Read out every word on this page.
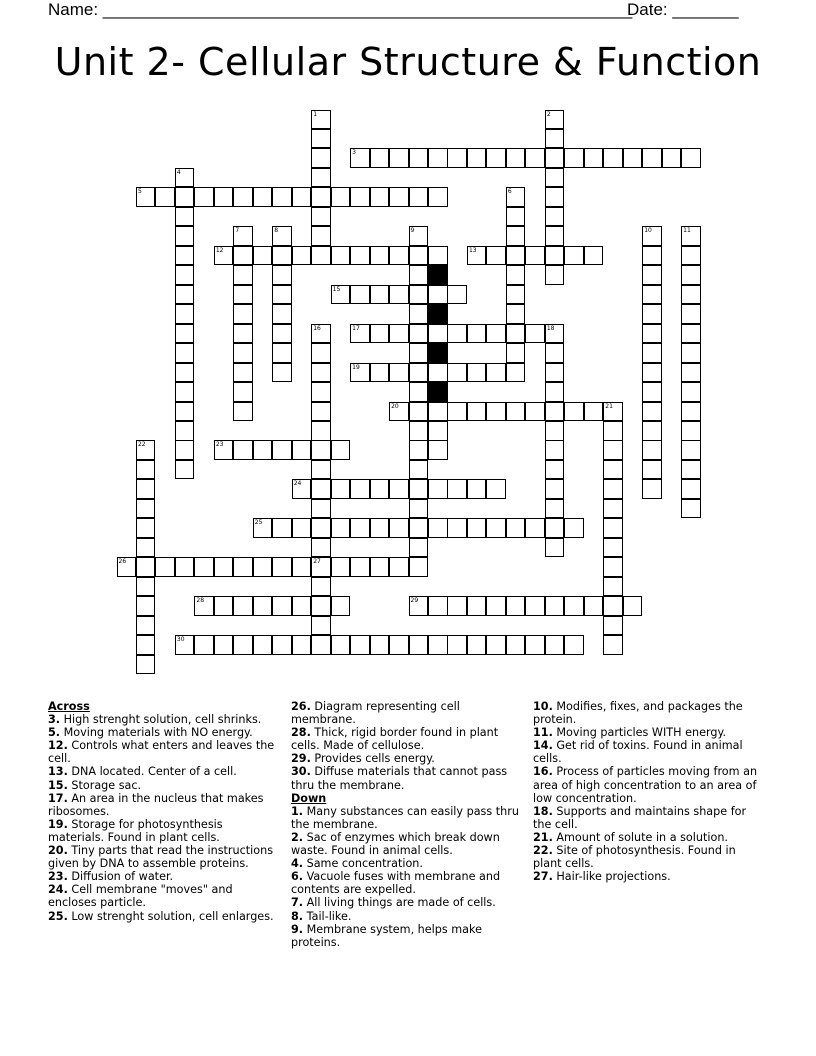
Name: ________________________________________________________
Date: _______
Unit 2- Cellular Structure & Function
1	2
3
4
5	6
7	8	9	10	11
12	13
14
15
16
27
17	18
19
20	21
22	23
24
25
26
28	29
30
Across
3. High strenght solution, cell shrinks.
5. Moving materials with NO energy.
12. Controls what enters and leaves the cell.
13. DNA located. Center of a cell.
15. Storage sac.
17. An area in the nucleus that makes ribosomes.
19. Storage for photosynthesis materials. Found in plant cells.
20. Tiny parts that read the instructions given by DNA to assemble proteins.
23. Diffusion of water.
24. Cell membrane "moves" and encloses particle.
25. Low strenght solution, cell enlarges.
26. Diagram representing cell membrane.
28. Thick, rigid border found in plant cells. Made of cellulose.
29. Provides cells energy.
30. Diffuse materials that cannot pass thru the membrane.
Down
1. Many substances can easily pass thru the membrane.
2. Sac of enzymes which break down waste. Found in animal cells.
4. Same concentration.
6. Vacuole fuses with membrane and contents are expelled.
7. All living things are made of cells.
8. Tail-like.
9. Membrane system, helps make proteins.
10. Modifies, fixes, and packages the protein.
11. Moving particles WITH energy.
14. Get rid of toxins. Found in animal cells.
16. Process of particles moving from an area of high concentration to an area of low concentration.
18. Supports and maintains shape for the cell.
21. Amount of solute in a solution.
22. Site of photosynthesis. Found in plant cells.
27. Hair-like projections.
